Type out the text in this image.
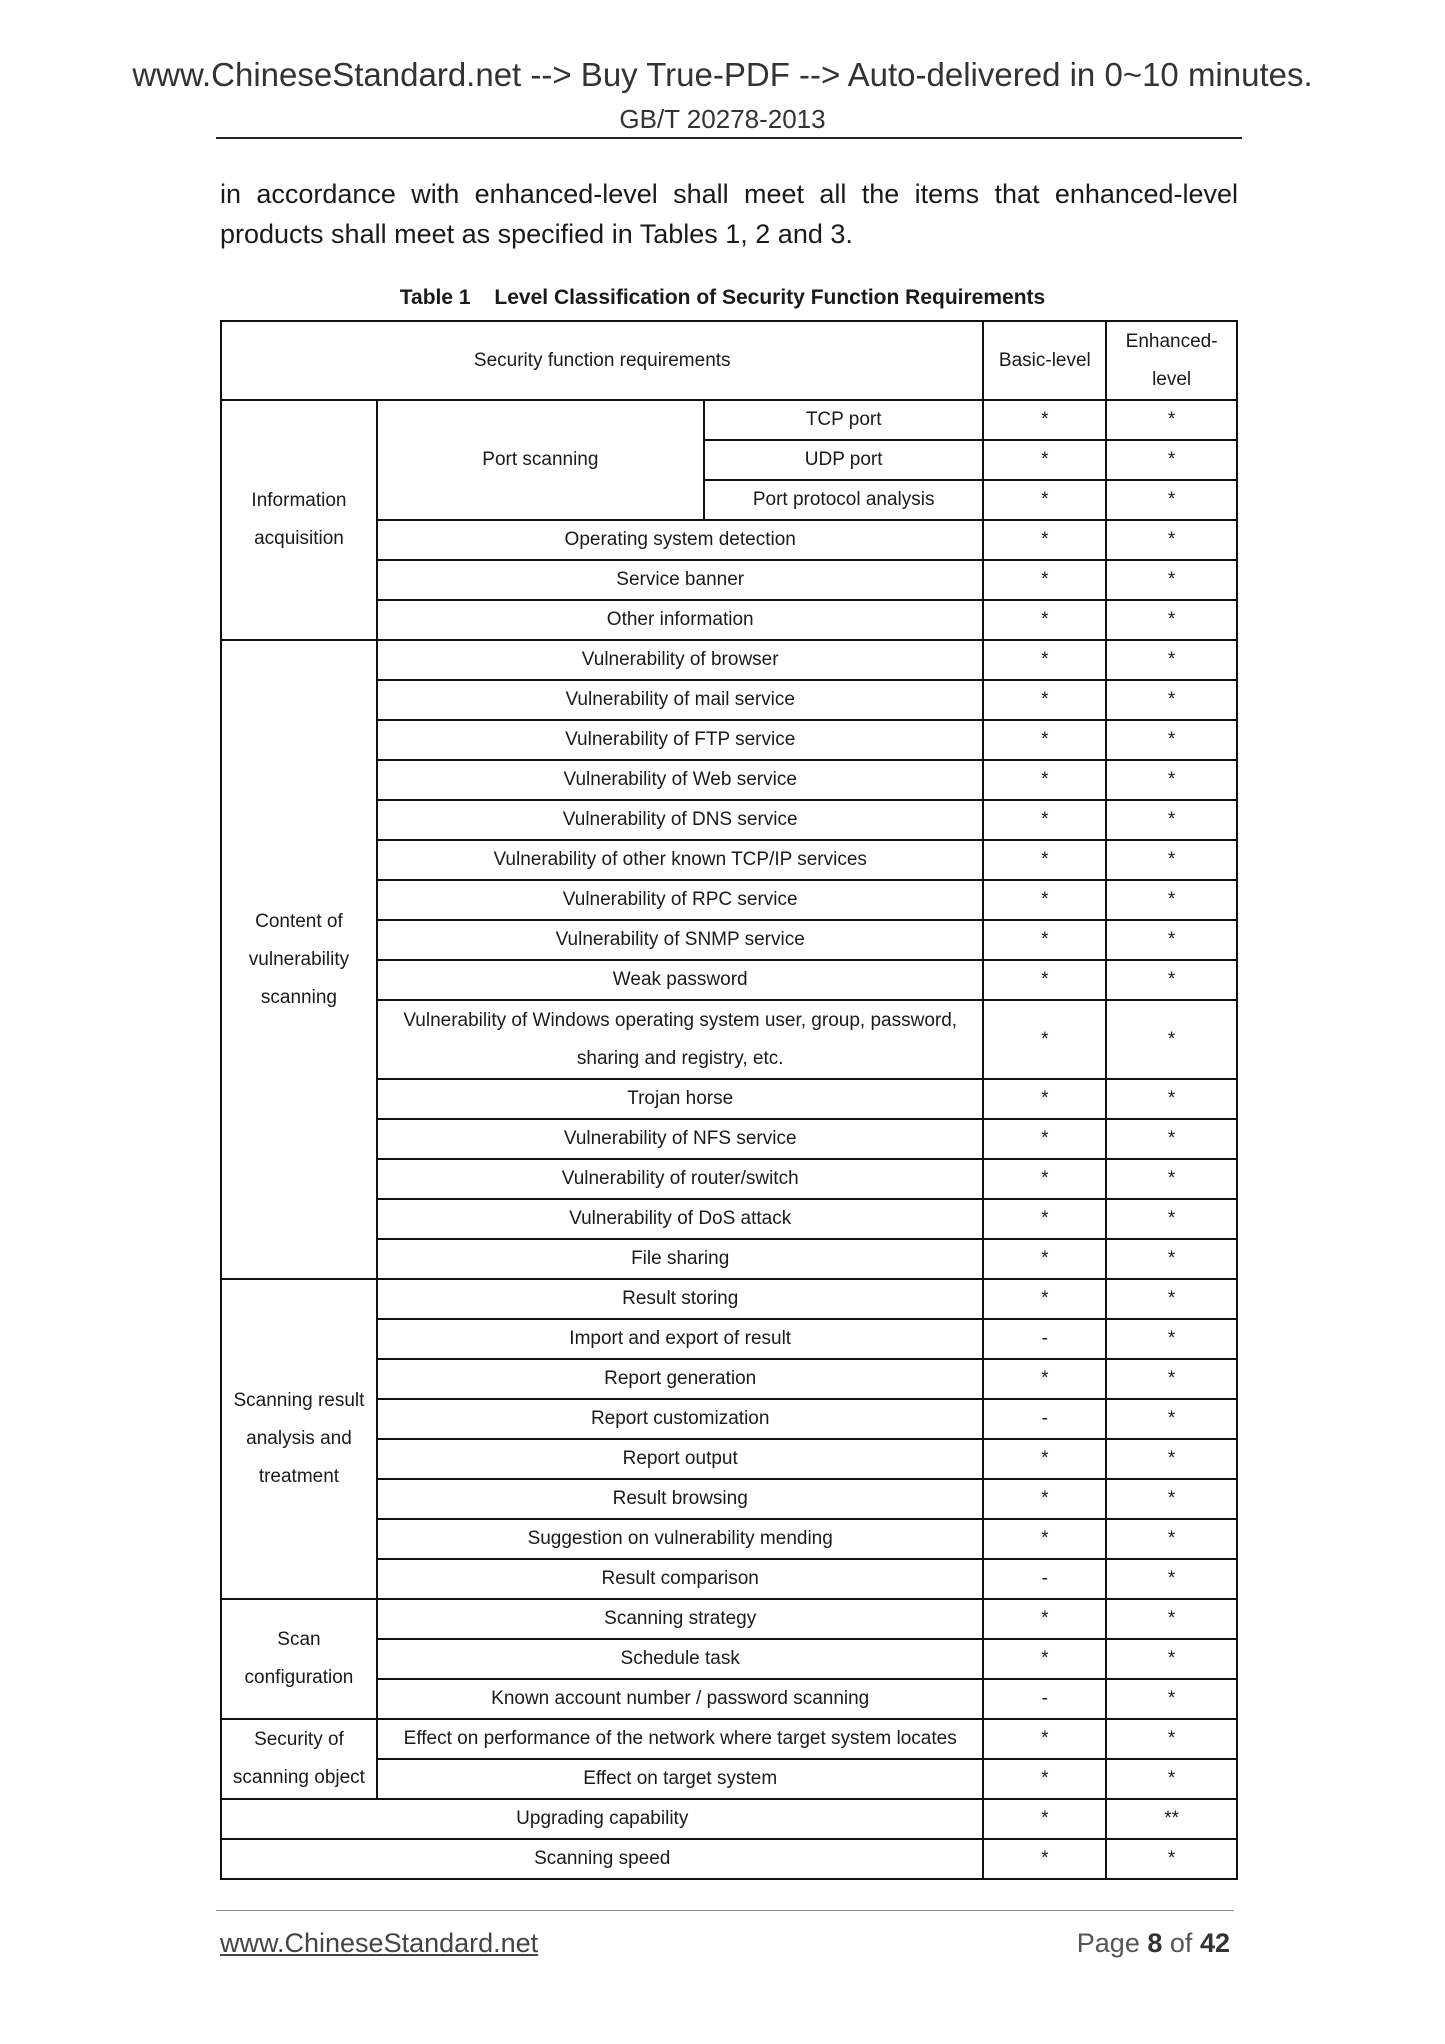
www.ChineseStandard.net --> Buy True-PDF --> Auto-delivered in 0~10 minutes.
GB/T 20278-2013
in accordance with enhanced-level shall meet all the items that enhanced-level products shall meet as specified in Tables 1, 2 and 3.
Table 1 Level Classification of Security Function Requirements
Security function requirements			Basic-level	Enhanced-
level
Information
acquisition	Port scanning	TCP port	*	*
		UDP port	*	*
		Port protocol analysis	*	*
	Operating system detection		*	*
	Service banner		*	*
	Other information		*	*
Content of
vulnerability
scanning	Vulnerability of browser		*	*
	Vulnerability of mail service		*	*
	Vulnerability of FTP service		*	*
	Vulnerability of Web service		*	*
	Vulnerability of DNS service		*	*
	Vulnerability of other known TCP/IP services		*	*
	Vulnerability of RPC service		*	*
	Vulnerability of SNMP service		*	*
	Weak password		*	*
	Vulnerability of Windows operating system user, group, password,
sharing and registry, etc.		*	*
	Trojan horse		*	*
	Vulnerability of NFS service		*	*
	Vulnerability of router/switch		*	*
	Vulnerability of DoS attack		*	*
	File sharing		*	*
Scanning result
analysis and
treatment	Result storing		*	*
	Import and export of result		-	*
	Report generation		*	*
	Report customization		-	*
	Report output		*	*
	Result browsing		*	*
	Suggestion on vulnerability mending		*	*
	Result comparison		-	*
Scan
configuration	Scanning strategy		*	*
	Schedule task		*	*
	Known account number / password scanning		-	*
Security of
scanning object	Effect on performance of the network where target system locates		*	*
	Effect on target system		*	*
Upgrading capability			*	**
Scanning speed			*	*
www.ChineseStandard.net	Page 8 of 42
